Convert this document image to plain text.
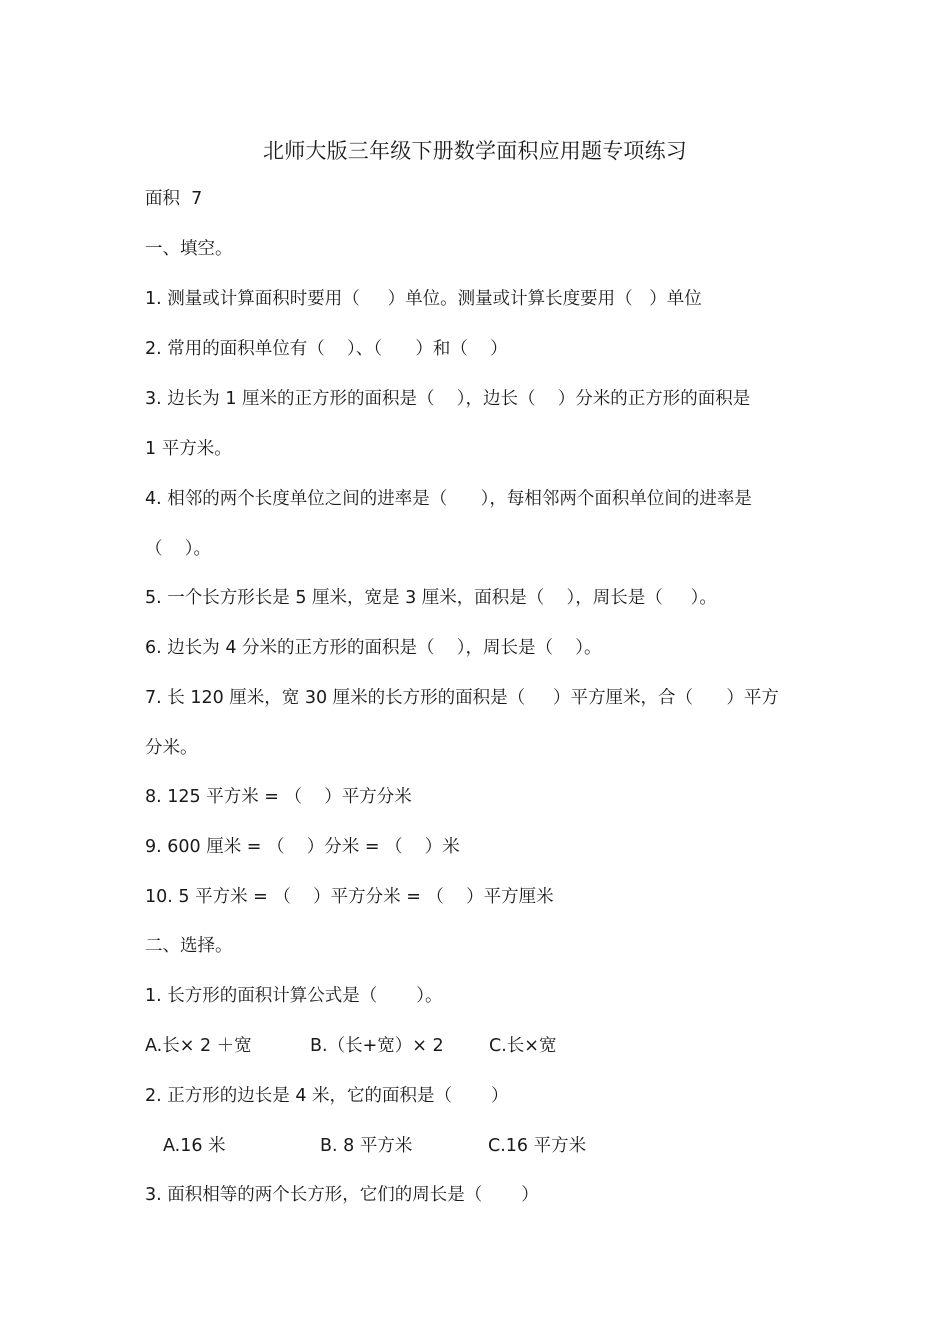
北师大版三年级下册数学面积应用题专项练习
面积  7
一、填空。
1. 测量或计算面积时要用（     ）单位。测量或计算长度要用（   ）单位
2. 常用的面积单位有（    ）、（      ）和（    ）
3. 边长为 1 厘米的正方形的面积是（    ），边长（    ）分米的正方形的面积是
1 平方米。
4. 相邻的两个长度单位之间的进率是（      ），每相邻两个面积单位间的进率是
（    ）。
5. 一个长方形长是 5 厘米，宽是 3 厘米，面积是（    ），周长是（     ）。
6. 边长为 4 分米的正方形的面积是（    ），周长是（    ）。
7. 长 120 厘米，宽 30 厘米的长方形的面积是（     ）平方厘米，合（      ）平方
分米。
8. 125 平方米 = （    ）平方分米
9. 600 厘米 = （    ）分米 = （    ）米
10. 5 平方米 = （    ）平方分米 = （    ）平方厘米
二、选择。
1. 长方形的面积计算公式是（       ）。

A.长× 2 ＋宽

	B.（长+宽）× 2

	C.长×宽

2. 正方形的边长是 4 米，它的面积是（       ）

A.16 米

	B. 8 平方米

	C.16 平方米

3. 面积相等的两个长方形，它们的周长是（       ）
